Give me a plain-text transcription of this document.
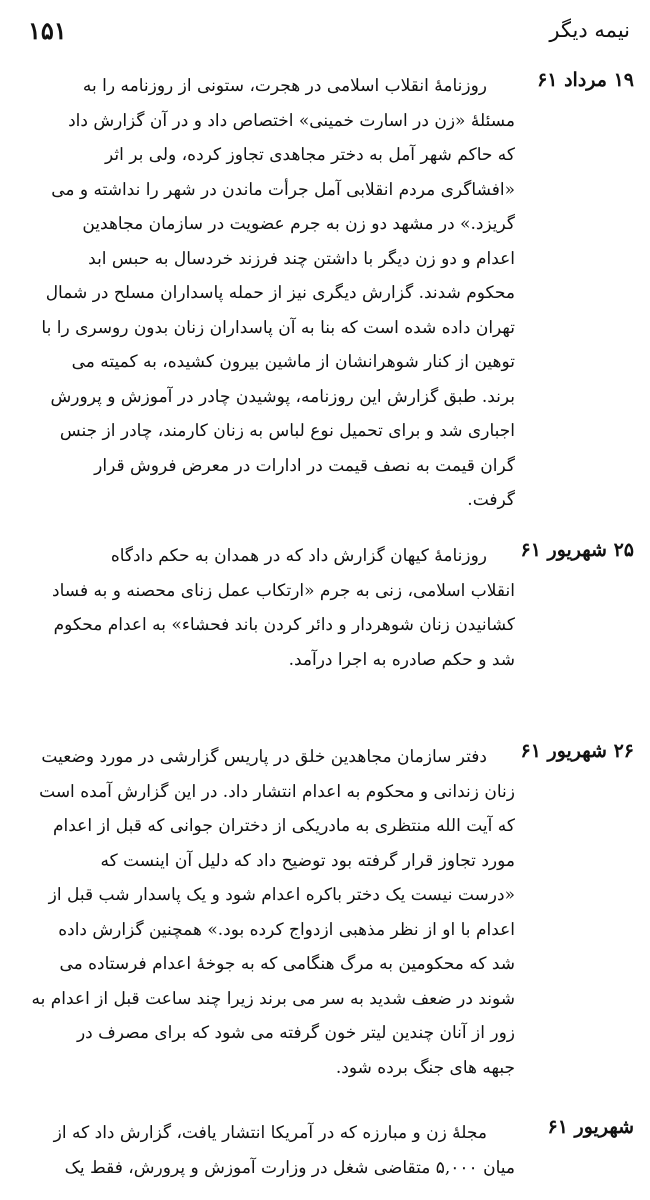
۱۵۱	نیمه دیگر
۱۹ مرداد ۶۱
روزنامهٔ انقلاب اسلامی در هجرت، ستونی از روزنامه را به
مسئلهٔ «زن در اسارت خمینی» اختصاص داد و در آن گزارش داد
که حاکم شهر آمل به دختر مجاهدی تجاوز کرده، ولی بر اثر
«افشاگری مردم انقلابی آمل جرأت ماندن در شهر را نداشته و می
گریزد.» در مشهد دو زن به جرم عضویت در سازمان مجاهدین
اعدام و دو زن دیگر با داشتن چند فرزند خردسال به حبس ابد
محکوم شدند. گزارش دیگری نیز از حمله پاسداران مسلح در شمال
تهران داده شده است که بنا به آن پاسداران زنان بدون روسری را با
توهین از کنار شوهرانشان از ماشین بیرون کشیده، به کمیته می
برند. طبق گزارش این روزنامه، پوشیدن چادر در آموزش و پرورش
اجباری شد و برای تحمیل نوع لباس به زنان کارمند، چادر از جنس
گران قیمت به نصف قیمت در ادارات در معرض فروش قرار
گرفت.
۲۵ شهریور ۶۱
روزنامهٔ کیهان گزارش داد که در همدان به حکم دادگاه
انقلاب اسلامی، زنی به جرم «ارتکاب عمل زنای محصنه و به فساد
کشانیدن زنان شوهردار و دائر کردن باند فحشاء» به اعدام محکوم
شد و حکم صادره به اجرا درآمد.
۲۶ شهریور ۶۱
دفتر سازمان مجاهدین خلق در پاریس گزارشی در مورد وضعیت
زنان زندانی و محکوم به اعدام انتشار داد. در این گزارش آمده است
که آیت الله منتظری به مادریکی از دختران جوانی که قبل از اعدام
مورد تجاوز قرار گرفته بود توضیح داد که دلیل آن اینست که
«درست نیست یک دختر باکره اعدام شود و یک پاسدار شب قبل از
اعدام با او از نظر مذهبی ازدواج کرده بود.» همچنین گزارش داده
شد که محکومین به مرگ هنگامی که به جوخهٔ اعدام فرستاده می
شوند در ضعف شدید به سر می برند زیرا چند ساعت قبل از اعدام به
زور از آنان چندین لیتر خون گرفته می شود که برای مصرف در
جبهه های جنگ برده شود.
شهریور ۶۱
مجلهٔ زن و مبارزه که در آمریکا انتشار یافت، گزارش داد که از
میان ۵,۰۰۰ متقاضی شغل در وزارت آموزش و پرورش، فقط یک
